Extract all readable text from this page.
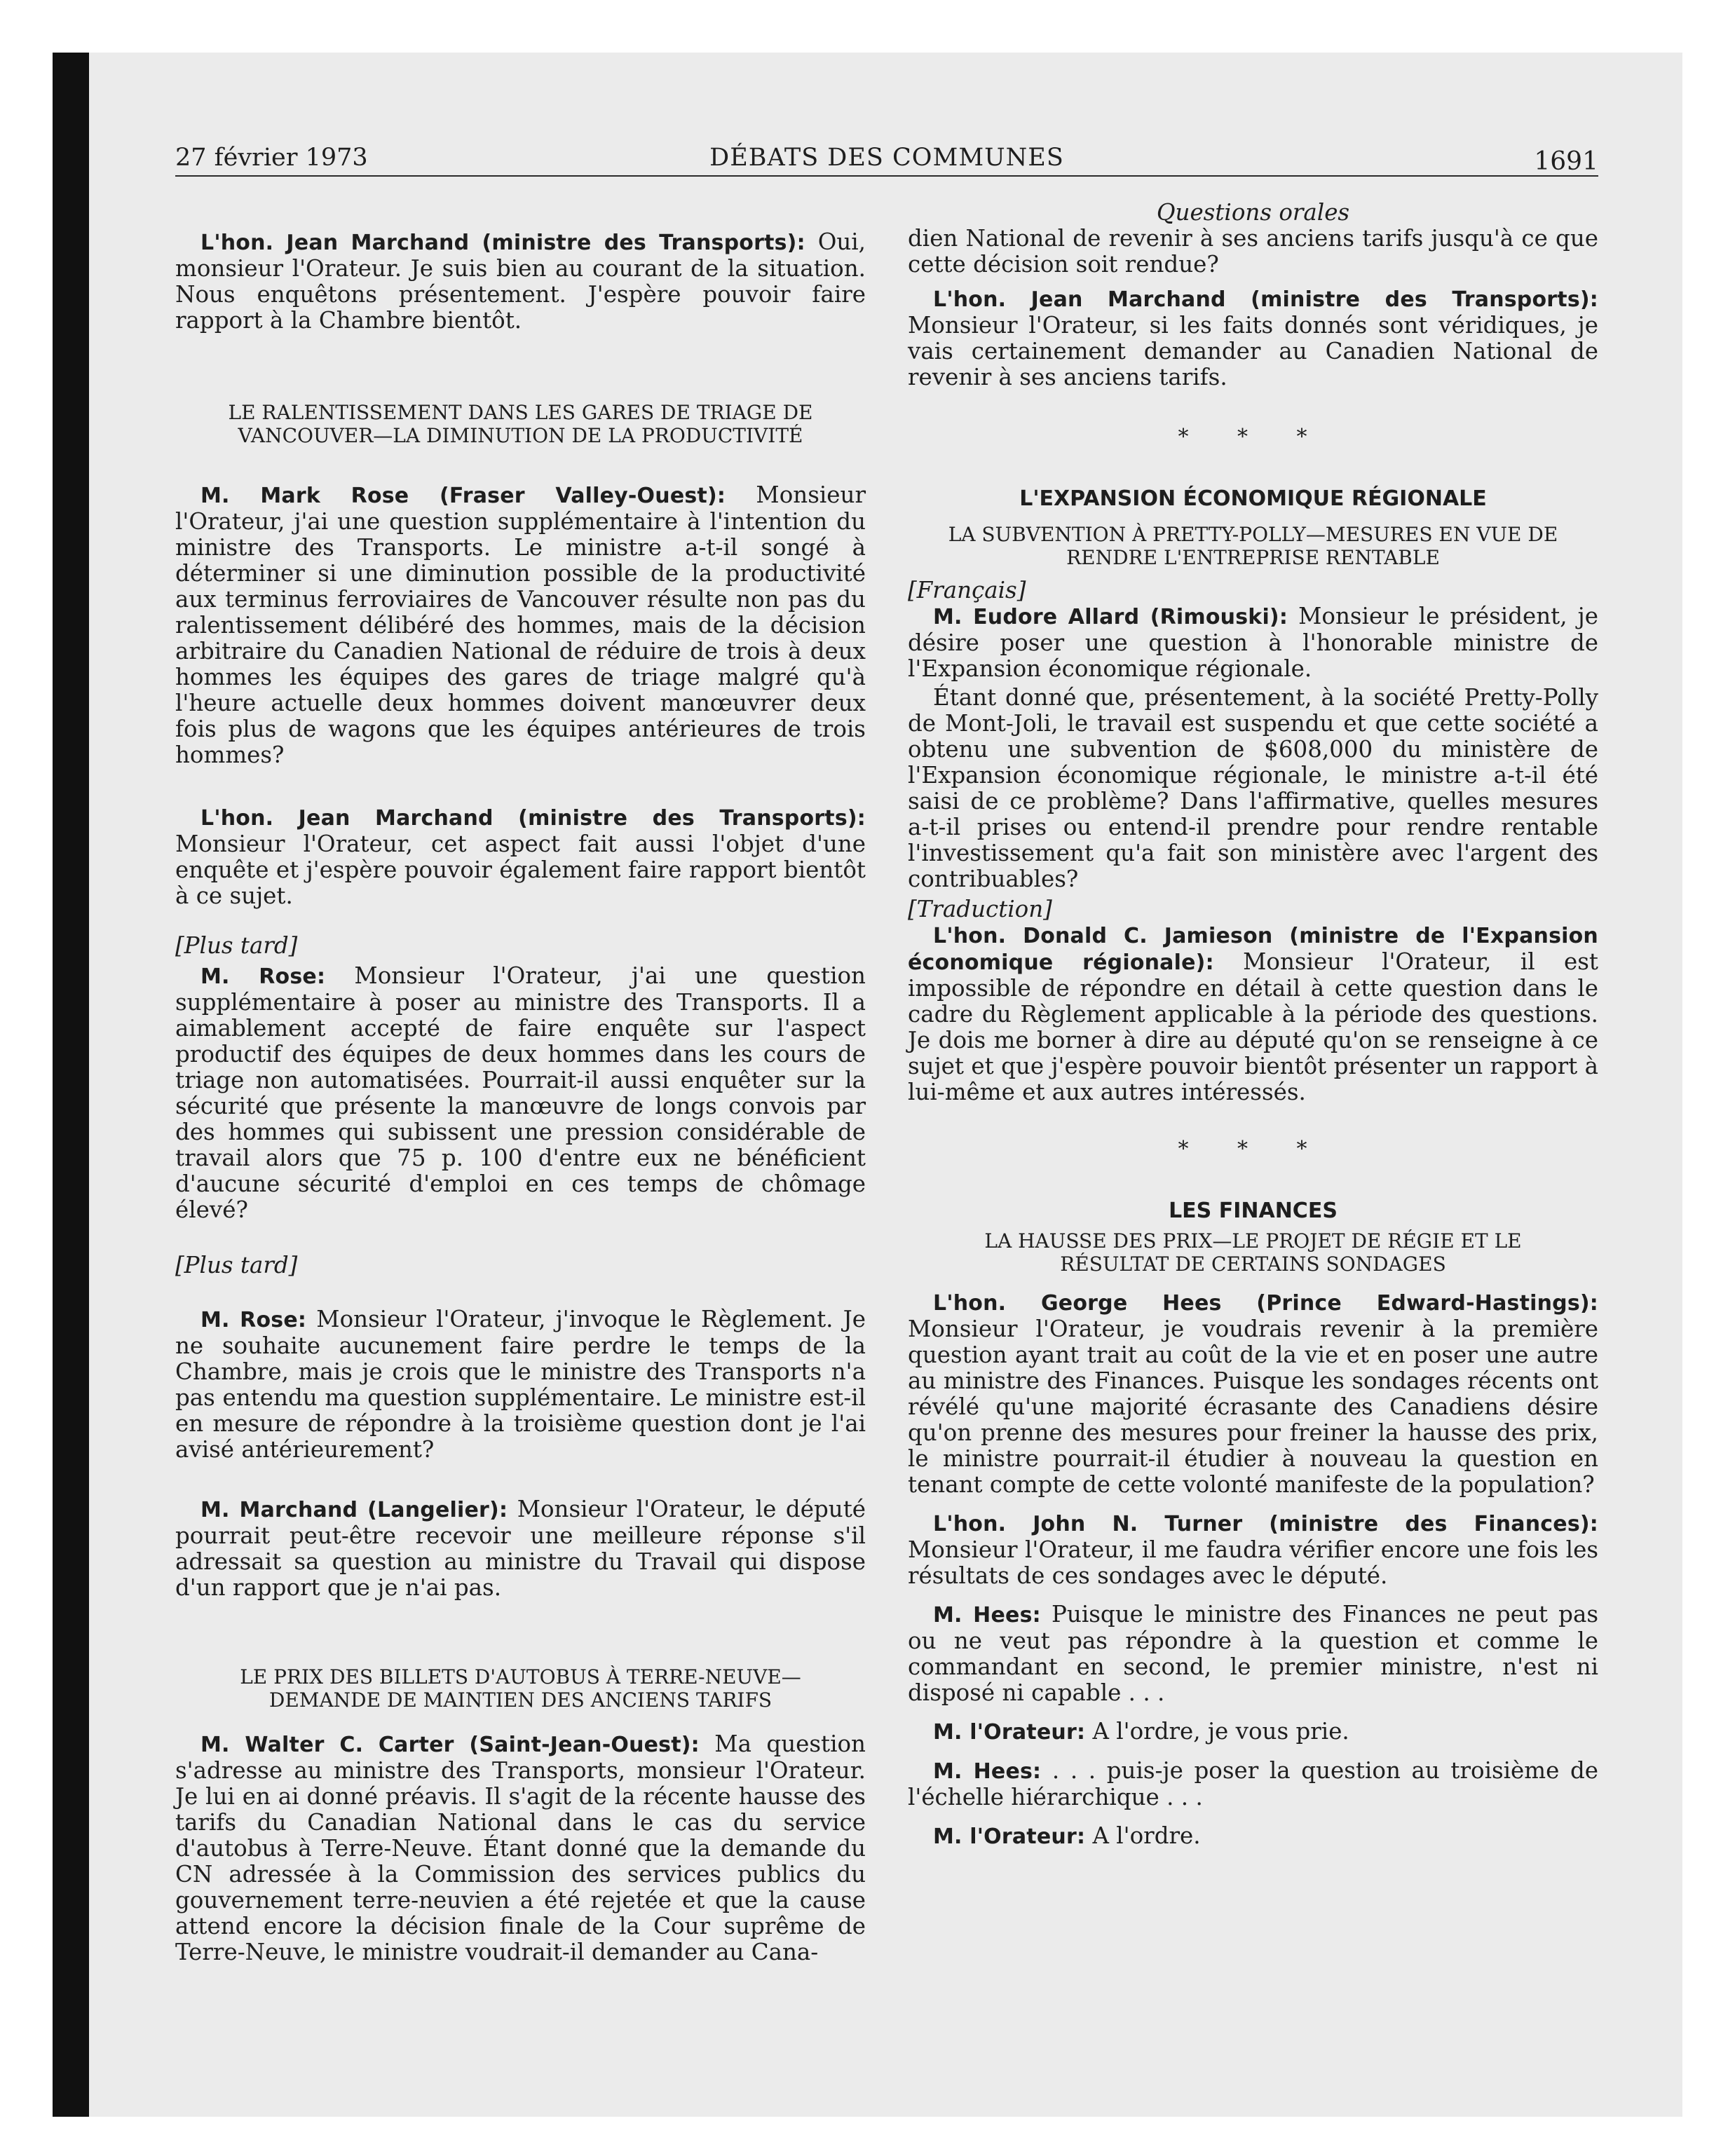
27 février 1973	DÉBATS DES COMMUNES	1691

L'hon. Jean Marchand (ministre des Transports): Oui, monsieur l'Orateur. Je suis bien au courant de la situation. Nous enquêtons présentement. J'espère pouvoir faire rapport à la Chambre bientôt.

LE RALENTISSEMENT DANS LES GARES DE TRIAGE DE

VANCOUVER—LA DIMINUTION DE LA PRODUCTIVITÉ

M. Mark Rose (Fraser Valley-Ouest): Monsieur l'Orateur, j'ai une question supplémentaire à l'intention du ministre des Transports. Le ministre a-t-il songé à déterminer si une diminution possible de la productivité aux terminus ferroviaires de Vancouver résulte non pas du ralentissement délibéré des hommes, mais de la décision arbitraire du Canadien National de réduire de trois à deux hommes les équipes des gares de triage malgré qu'à l'heure actuelle deux hommes doivent manœuvrer deux fois plus de wagons que les équipes antérieures de trois hommes?

L'hon. Jean Marchand (ministre des Transports): Monsieur l'Orateur, cet aspect fait aussi l'objet d'une enquête et j'espère pouvoir également faire rapport bientôt à ce sujet.

[Plus tard]

M. Rose: Monsieur l'Orateur, j'ai une question supplémentaire à poser au ministre des Transports. Il a aimablement accepté de faire enquête sur l'aspect productif des équipes de deux hommes dans les cours de triage non automatisées. Pourrait-il aussi enquêter sur la sécurité que présente la manœuvre de longs convois par des hommes qui subissent une pression considérable de travail alors que 75 p. 100 d'entre eux ne bénéficient d'aucune sécurité d'emploi en ces temps de chômage élevé?

[Plus tard]

M. Rose: Monsieur l'Orateur, j'invoque le Règlement. Je ne souhaite aucunement faire perdre le temps de la Chambre, mais je crois que le ministre des Transports n'a pas entendu ma question supplémentaire. Le ministre est-il en mesure de répondre à la troisième question dont je l'ai avisé antérieurement?

M. Marchand (Langelier): Monsieur l'Orateur, le député pourrait peut-être recevoir une meilleure réponse s'il adressait sa question au ministre du Travail qui dispose d'un rapport que je n'ai pas.

LE PRIX DES BILLETS D'AUTOBUS À TERRE-NEUVE—

DEMANDE DE MAINTIEN DES ANCIENS TARIFS

M. Walter C. Carter (Saint-Jean-Ouest): Ma question s'adresse au ministre des Transports, monsieur l'Orateur. Je lui en ai donné préavis. Il s'agit de la récente hausse des tarifs du Canadian National dans le cas du service d'autobus à Terre-Neuve. Étant donné que la demande du CN adressée à la Commission des services publics du gouvernement terre-neuvien a été rejetée et que la cause attend encore la décision finale de la Cour suprême de Terre-Neuve, le ministre voudrait-il demander au Cana-

Questions orales

dien National de revenir à ses anciens tarifs jusqu'à ce que cette décision soit rendue?

L'hon. Jean Marchand (ministre des Transports): Monsieur l'Orateur, si les faits donnés sont véridiques, je vais certainement demander au Canadien National de revenir à ses anciens tarifs.

* * *

L'EXPANSION ÉCONOMIQUE RÉGIONALE

LA SUBVENTION À PRETTY-POLLY—MESURES EN VUE DE

RENDRE L'ENTREPRISE RENTABLE

[Français]

M. Eudore Allard (Rimouski): Monsieur le président, je désire poser une question à l'honorable ministre de l'Expansion économique régionale.

Étant donné que, présentement, à la société Pretty-Polly de Mont-Joli, le travail est suspendu et que cette société a obtenu une subvention de $608,000 du ministère de l'Expansion économique régionale, le ministre a-t-il été saisi de ce problème? Dans l'affirmative, quelles mesures a-t-il prises ou entend-il prendre pour rendre rentable l'investissement qu'a fait son ministère avec l'argent des contribuables?

[Traduction]

L'hon. Donald C. Jamieson (ministre de l'Expansion économique régionale): Monsieur l'Orateur, il est impossible de répondre en détail à cette question dans le cadre du Règlement applicable à la période des questions. Je dois me borner à dire au député qu'on se renseigne à ce sujet et que j'espère pouvoir bientôt présenter un rapport à lui-même et aux autres intéressés.

* * *

LES FINANCES

LA HAUSSE DES PRIX—LE PROJET DE RÉGIE ET LE

RÉSULTAT DE CERTAINS SONDAGES

L'hon. George Hees (Prince Edward-Hastings): Monsieur l'Orateur, je voudrais revenir à la première question ayant trait au coût de la vie et en poser une autre au ministre des Finances. Puisque les sondages récents ont révélé qu'une majorité écrasante des Canadiens désire qu'on prenne des mesures pour freiner la hausse des prix, le ministre pourrait-il étudier à nouveau la question en tenant compte de cette volonté manifeste de la population?

L'hon. John N. Turner (ministre des Finances): Monsieur l'Orateur, il me faudra vérifier encore une fois les résultats de ces sondages avec le député.

M. Hees: Puisque le ministre des Finances ne peut pas ou ne veut pas répondre à la question et comme le commandant en second, le premier ministre, n'est ni disposé ni capable . . .

M. l'Orateur: A l'ordre, je vous prie.

M. Hees: . . . puis-je poser la question au troisième de l'échelle hiérarchique . . .

M. l'Orateur: A l'ordre.
